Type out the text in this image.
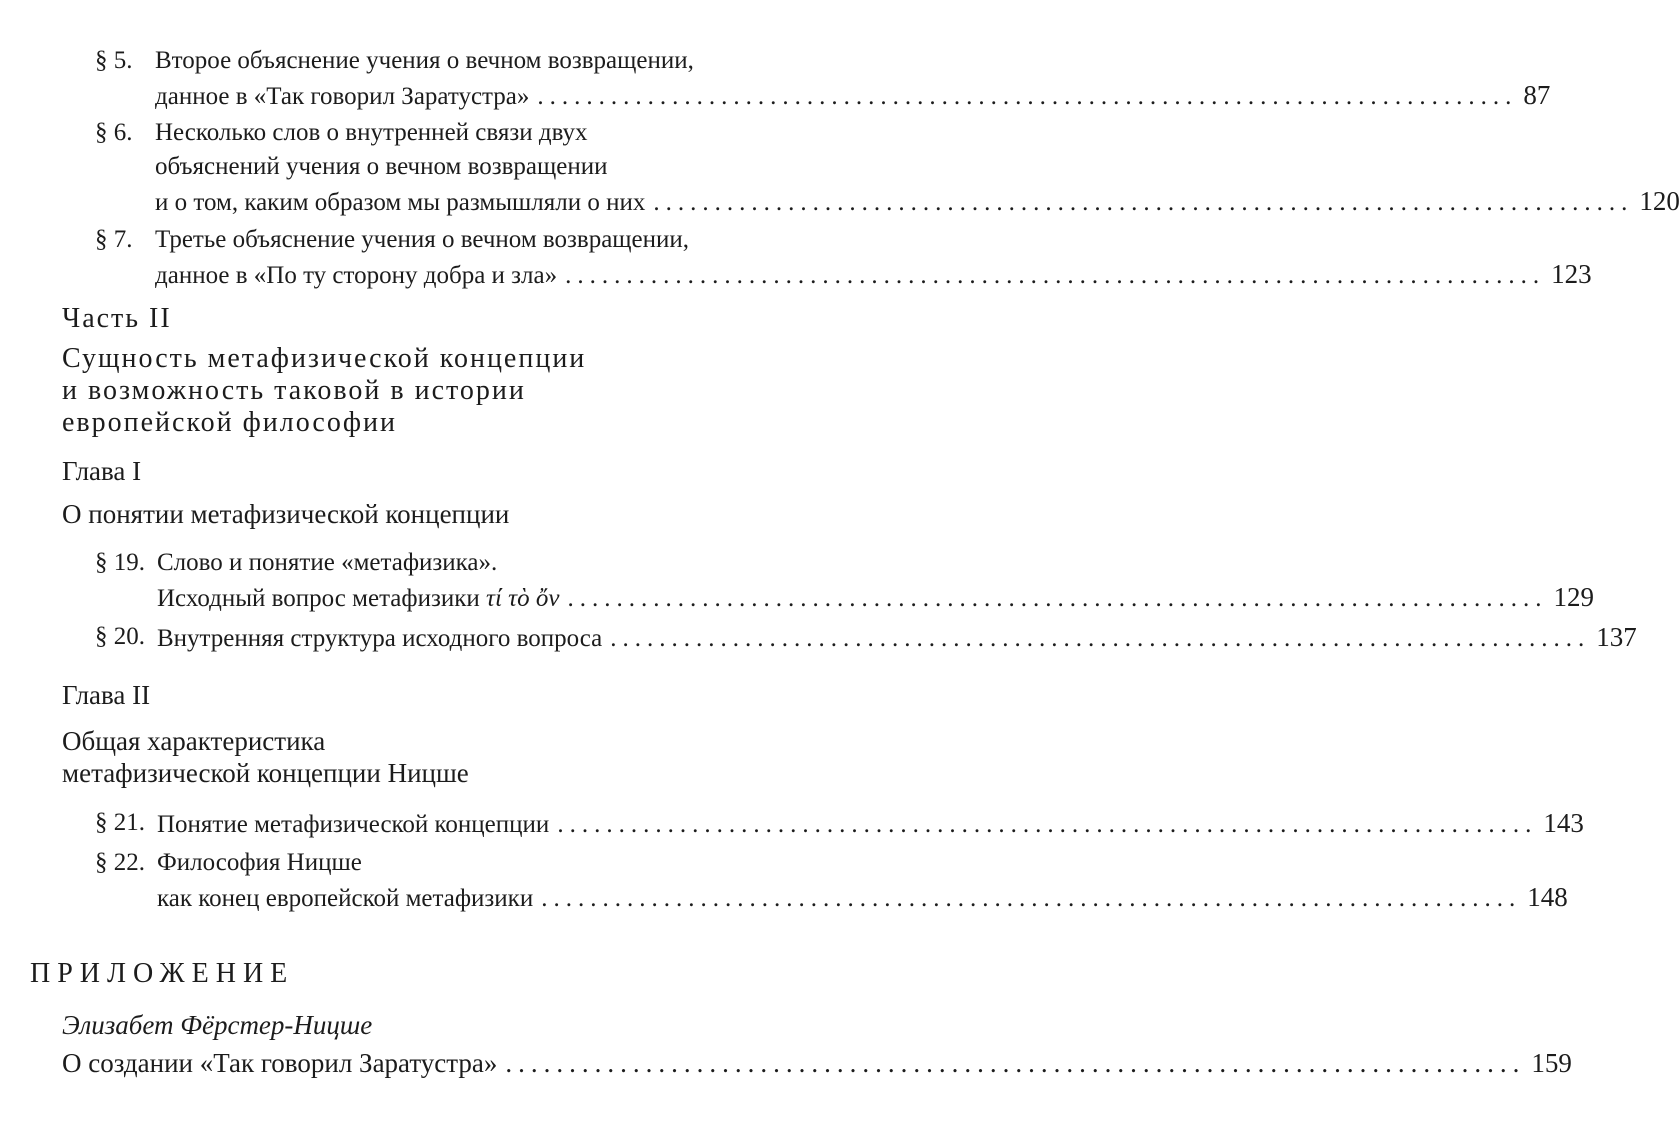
§ 5. Второе объяснение учения о вечном возвращении,
данное в «Так говорил Заратустра» ................................................................................ 87
§ 6. Несколько слов о внутренней связи двух
объяснений учения о вечном возвращении
и о том, каким образом мы размышляли о них ................................................................................ 120
§ 7. Третье объяснение учения о вечном возвращении,
данное в «По ту сторону добра и зла» ................................................................................ 123
Часть II
Сущность метафизической концепции
и возможность таковой в истории
европейской философии
Глава I
О понятии метафизической концепции
§ 19. Слово и понятие «метафизика».
Исходный вопрос метафизики τί τὸ ὄν ................................................................................ 129
§ 20. Внутренняя структура исходного вопроса ................................................................................ 137
Глава II
Общая характеристика
метафизической концепции Ницше
§ 21. Понятие метафизической концепции ................................................................................ 143
§ 22. Философия Ницше
как конец европейской метафизики ................................................................................ 148
ПРИЛОЖЕНИЕ
Элизабет Фёрстер-Ницше
О создании «Так говорил Заратустра» ................................................................................ 159
